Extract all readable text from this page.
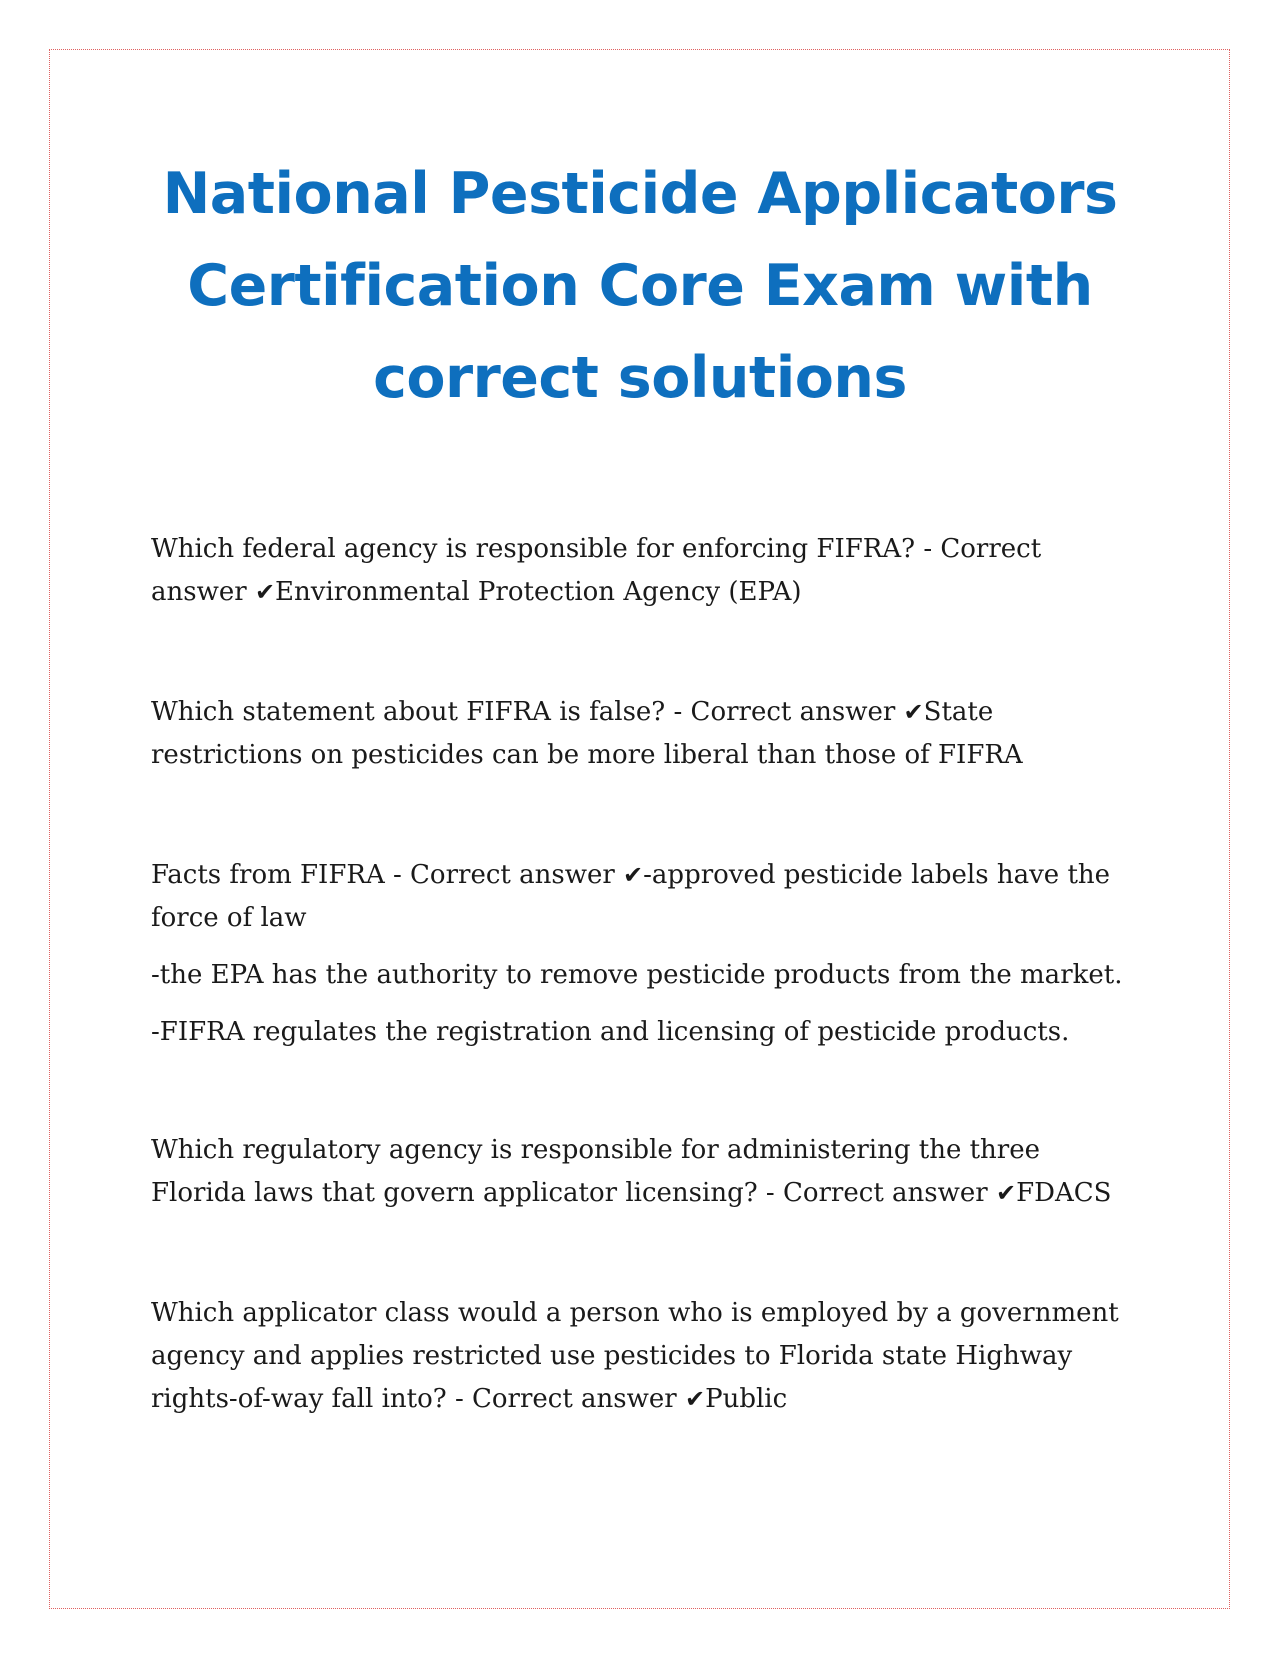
National Pesticide Applicators
Certification Core Exam with
correct solutions

Which federal agency is responsible for enforcing FIFRA? - Correct answer ✔Environmental Protection Agency (EPA)

Which statement about FIFRA is false? - Correct answer ✔State restrictions on pesticides can be more liberal than those of FIFRA

Facts from FIFRA - Correct answer ✔-approved pesticide labels have the force of law

-the EPA has the authority to remove pesticide products from the market.

-FIFRA regulates the registration and licensing of pesticide products.

Which regulatory agency is responsible for administering the three Florida laws that govern applicator licensing? - Correct answer ✔FDACS

Which applicator class would a person who is employed by a government agency and applies restricted use pesticides to Florida state Highway rights-of-way fall into? - Correct answer ✔Public
